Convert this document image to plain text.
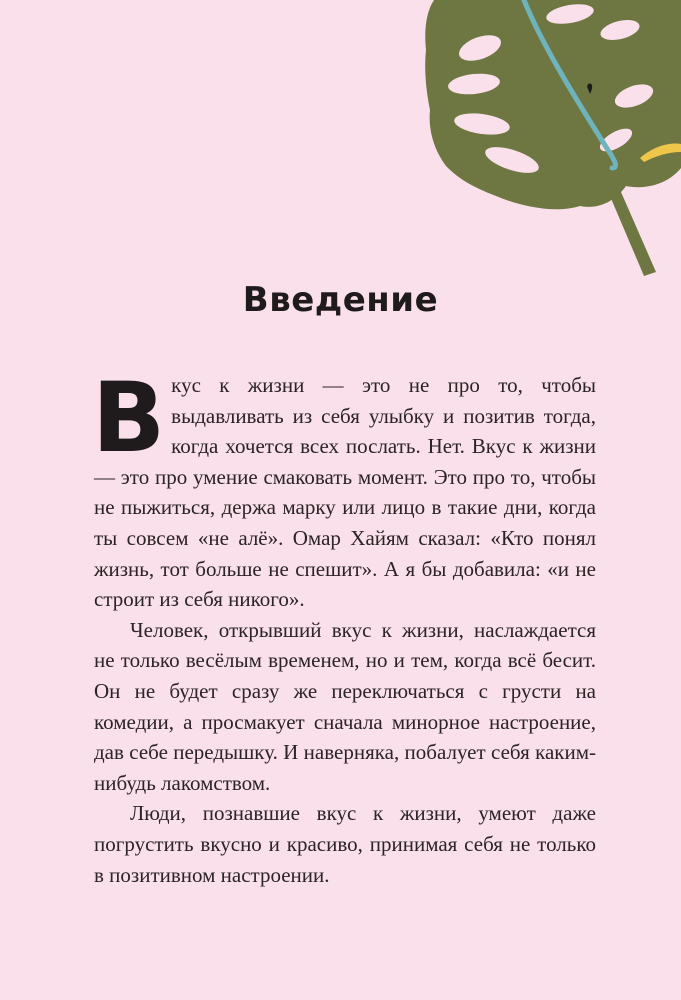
Введение

Вкус к жизни — это не про то, чтобы выдавливать из себя улыбку и позитив тогда, когда хочется всех послать. Нет. Вкус к жизни — это про умение смаковать момент. Это про то, чтобы не пыжиться, держа марку или лицо в такие дни, когда ты совсем «не алё». Омар Хайям сказал: «Кто понял жизнь, тот больше не спешит». А я бы добавила: «и не строит из себя никого».

Человек, открывший вкус к жизни, наслаждается не только весёлым временем, но и тем, когда всё бесит. Он не будет сразу же переключаться с грусти на комедии, а просмакует сначала минорное настроение, дав себе передышку. И наверняка, побалует себя каким-нибудь лакомством.

Люди, познавшие вкус к жизни, умеют даже погрустить вкусно и красиво, принимая себя не только в позитивном настроении.
